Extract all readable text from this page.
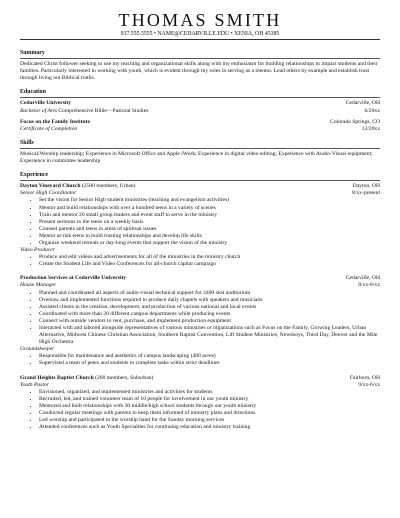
THOMAS SMITH
937.555.5555 • NAME@CEDARVILLE.EDU • XENIA, OH 45385
Summary
Dedicated Christ follower seeking to use my teaching and organizational skills along with my enthusiasm for building relationships to impact students and their families. Particularly interested in working with youth, which is evident through my roles in serving as a mentor. Lead others by example and establish trust through living out Biblical truths.
Education
Cedarville University	Cedarville, OH
Bachelor of Arts Comprehensive Bible—Pastoral Studies	6/20xx
Focus on the Family Institute	Colorado Springs, CO
Certificate of Completion	12/20xx
Skills
Musical/Worship leadership; Experience in Microsoft Office and Apple iWork; Experience in digital video editing; Experience with Audio-Visual equipment; Experience in committee leadership
Experience
Dayton Vineyard Church (2500 members, Urban)	Dayton, OH
Senior High Coordinator	8/xx-present
• Set the vision for Senior High student ministries (teaching and evangelism activities)
• Mentor and build relationships with over a hundred teens in a variety of scenes
• Train and mentor 20 small group leaders and event staff to serve in the ministry
• Present sermons to the teens on a weekly basis
• Counsel parents and teens in areas of spiritual issues
• Mentor at-risk teens to build trusting relationships and develop life skills
• Organize weekend retreats or day-long events that support the vision of the ministry
Video Producer
• Produce and edit videos and advertisements for all of the ministries in the ministry church
• Create the Student Life and Video Conferences for all-church capital campaign
Production Services at Cedarville University	Cedarville, OH
House Manager	8/xx-8/xx
• Planned and coordinated all aspects of audio-visual technical support for 3400 seat auditorium
• Oversaw and implemented functions required to produce daily chapels with speakers and musicians
• Assisted clients in the creation, development, and production of various national and local events
• Coordinated with more than 20 different campus departments while producing events
• Connect with outside vendors to rent, purchase, and implement production equipment
• Interacted with and labored alongside representatives of various ministries or organizations such as Focus on the Family, Growing Leaders, Urban Alternative, Midwest Chinese Christian Association, Southern Baptist Convention, Lift Student Ministries, Newsboys, Third Day, Denver and the Mile High Orchestra
Groundskeeper
• Responsible for maintenance and aesthetics of campus landscaping (400 acres)
• Supervised a team of peers and students to complete tasks within strict deadlines
Grand Heights Baptist Church (200 members, Suburban)	Fairborn, OH
Youth Pastor	9/xx-6/xx
• Envisioned, organized, and implemented ministries and activities for students
• Recruited, led, and trained volunteer team of 10 people for involvement in our youth ministry
• Mentored and built relationships with 30 middle/high school students through our youth ministry
• Conducted regular meetings with parents to keep them informed of ministry plans and directions
• Led worship and participated in the worship band for the Sunday morning services
• Attended conferences such as Youth Specialties for continuing education and ministry training
